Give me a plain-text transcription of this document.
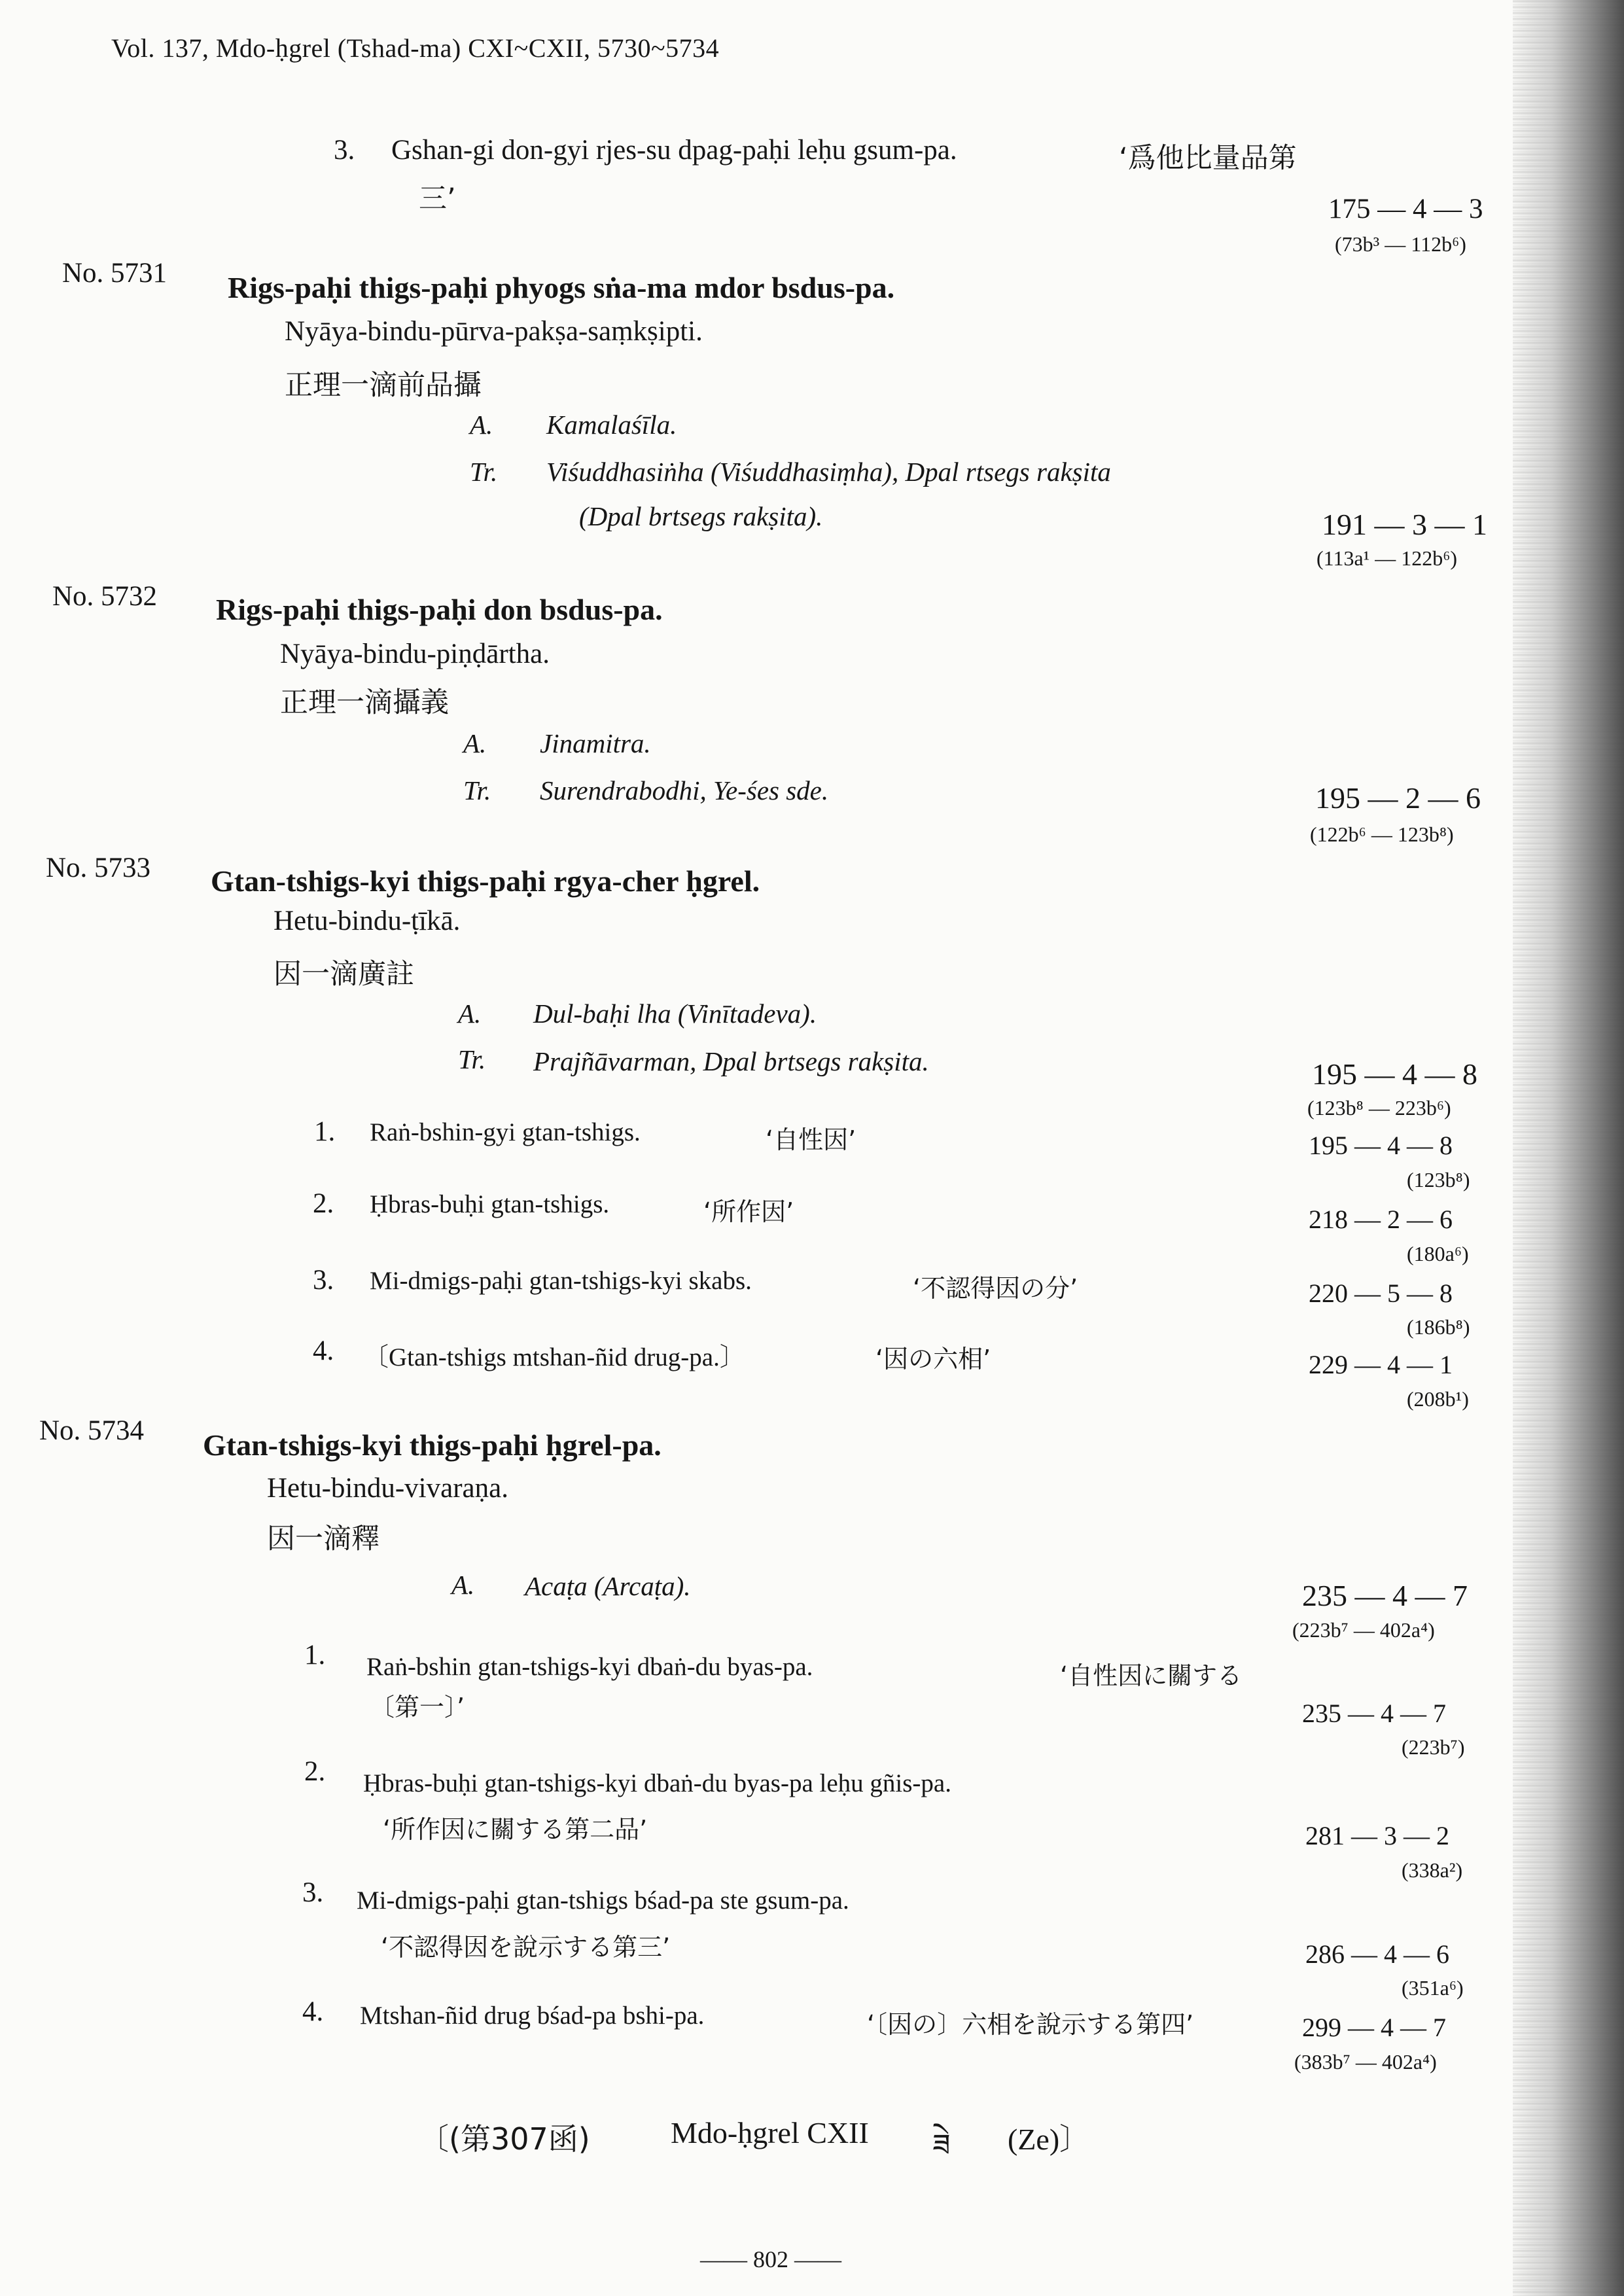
Vol. 137, Mdo-ḥgrel (Tshad-ma) CXI~CXII, 5730~5734
3. Gshan-gi don-gyi rjes-su dpag-paḥi leḥu gsum-pa.	‘爲他比量品第
三’	175 — 4 — 3
(73b³ — 112b⁶)
No. 5731 Rigs-paḥi thigs-paḥi phyogs sṅa-ma mdor bsdus-pa.
Nyāya-bindu-pūrva-pakṣa-saṃkṣipti.
正理一滴前品攝
A. Kamalaśīla.
Tr. Viśuddhasiṅha (Viśuddhasiṃha), Dpal rtsegs rakṣita
(Dpal brtsegs rakṣita).	191 — 3 — 1
(113a¹ — 122b⁶)
No. 5732 Rigs-paḥi thigs-paḥi don bsdus-pa.
Nyāya-bindu-piṇḍārtha.
正理一滴攝義
A. Jinamitra.
Tr. Surendrabodhi, Ye-śes sde.	195 — 2 — 6
(122b⁶ — 123b⁸)
No. 5733 Gtan-tshigs-kyi thigs-paḥi rgya-cher ḥgrel.
Hetu-bindu-ṭīkā.
因一滴廣註
A. Dul-baḥi lha (Vinītadeva).
Tr. Prajñāvarman, Dpal brtsegs rakṣita.	195 — 4 — 8
(123b⁸ — 223b⁶)
1. Raṅ-bshin-gyi gtan-tshigs.	‘自性因’	195 — 4 — 8
(123b⁸)
2. Ḥbras-buḥi gtan-tshigs.	‘所作因’	218 — 2 — 6
(180a⁶)
3. Mi-dmigs-paḥi gtan-tshigs-kyi skabs.	‘不認得因の分’	220 — 5 — 8
(186b⁸)
4. 〔Gtan-tshigs mtshan-ñid drug-pa.〕	‘因の六相’	229 — 4 — 1
(208b¹)
No. 5734 Gtan-tshigs-kyi thigs-paḥi ḥgrel-pa.
Hetu-bindu-vivaraṇa.
因一滴釋
A. Acaṭa (Arcaṭa).	235 — 4 — 7
(223b⁷ — 402a⁴)
1. Raṅ-bshin gtan-tshigs-kyi dbaṅ-du byas-pa.	‘自性因に關する
〔第一〕’	235 — 4 — 7
(223b⁷)
2. Ḥbras-buḥi gtan-tshigs-kyi dbaṅ-du byas-pa leḥu gñis-pa.
‘所作因に關する第二品’	281 — 3 — 2
(338a²)
3. Mi-dmigs-paḥi gtan-tshigs bśad-pa ste gsum-pa.
‘不認得因を說示する第三’	286 — 4 — 6
(351a⁶)
4. Mtshan-ñid drug bśad-pa bshi-pa.	‘〔因の〕六相を說示する第四’	299 — 4 — 7
(383b⁷ — 402a⁴)
〔(第307函)	Mdo-ḥgrel CXII ཟེ (Ze)〕
—— 802 ——
